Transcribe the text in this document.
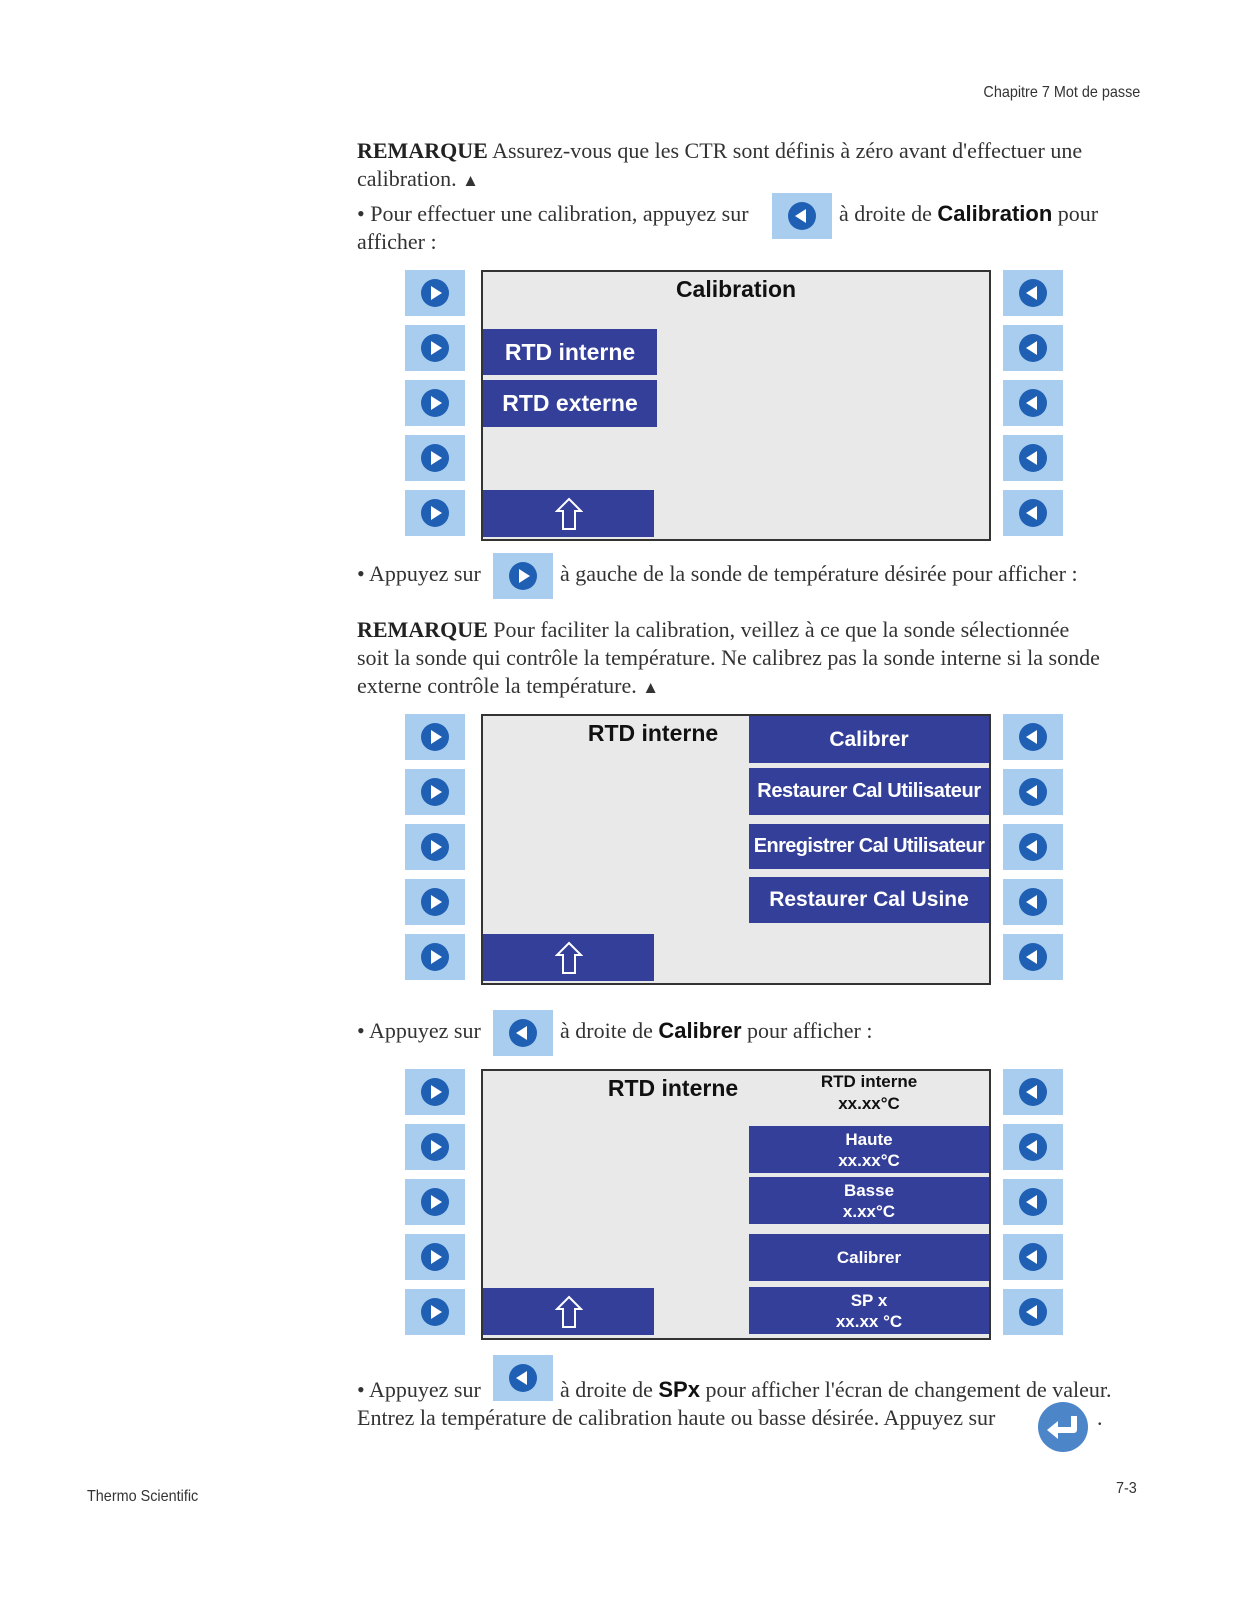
Chapitre 7 Mot de passe
Thermo Scientific	7-3
REMARQUE Assurez-vous que les CTR sont définis à zéro avant d'effectuer une
calibration. ▲
• Pour effectuer une calibration, appuyez sur	à droite de Calibration pour
afficher :
Calibration
RTD interne
RTD externe
• Appuyez sur	à gauche de la sonde de température désirée pour afficher :
REMARQUE Pour faciliter la calibration, veillez à ce que la sonde sélectionnée
soit la sonde qui contrôle la température. Ne calibrez pas la sonde interne si la sonde
externe contrôle la température. ▲
RTD interne	Calibrer
Restaurer Cal Utilisateur
Enregistrer Cal Utilisateur
Restaurer Cal Usine
• Appuyez sur	à droite de Calibrer pour afficher :
RTD interne	RTD interne
xx.xx°C
Haute
xx.xx°C
Basse
x.xx°C
Calibrer
SP x
xx.xx °C
• Appuyez sur	à droite de SPx pour afficher l'écran de changement de valeur.
Entrez la température de calibration haute ou basse désirée. Appuyez sur	.
